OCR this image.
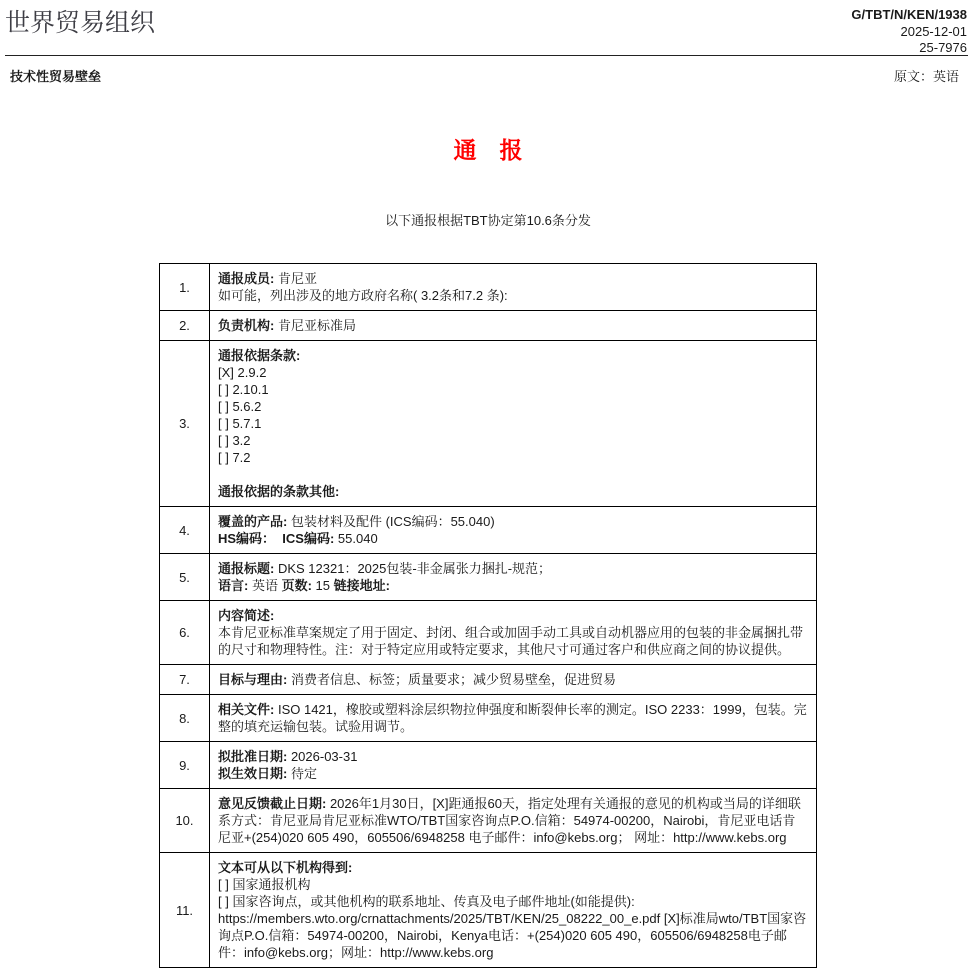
世界贸易组织	G/TBT/N/KEN/1938
2025-12-01
25-7976
技术性贸易壁垒	原文：英语
通　报
以下通报根据TBT协定第10.6条分发
1.	通报成员: 肯尼亚
如可能，列出涉及的地方政府名称( 3.2条和7.2 条):

2.	负责机构: 肯尼亚标准局

3.	
通报依据条款:
[X] 2.9.2
[ ] 2.10.1
[ ] 5.6.2
[ ] 5.7.1
[ ] 3.2
[ ] 7.2

通报依据的条款其他:

4.	覆盖的产品: 包装材料及配件 (ICS编码：55.040)
HS编码： ICS编码: 55.040

5.	通报标题: DKS 12321：2025包装-非金属张力捆扎-规范；
语言: 英语 页数: 15 链接地址:

6.	内容简述:
本肯尼亚标准草案规定了用于固定、封闭、组合或加固手动工具或自动机器应用的包装的非金属捆扎带的尺寸和物理特性。注：对于特定应用或特定要求，其他尺寸可通过客户和供应商之间的协议提供。

7.	目标与理由: 消费者信息、标签；质量要求；减少贸易壁垒，促进贸易

8.	相关文件: ISO 1421，橡胶或塑料涂层织物拉伸强度和断裂伸长率的测定。ISO 2233：1999，包装。完整的填充运输包装。试验用调节。

9.	拟批准日期: 2026-03-31
拟生效日期: 待定

10.	意见反馈截止日期: 2026年1月30日，[X]距通报60天，指定处理有关通报的意见的机构或当局的详细联系方式：肯尼亚局肯尼亚标准WTO/TBT国家咨询点P.O.信箱：54974-00200，Nairobi，肯尼亚电话肯尼亚+(254)020 605 490，605506/6948258 电子邮件：info@kebs.org； 网址：http://www.kebs.org

11.	文本可从以下机构得到:
[ ] 国家通报机构
[ ] 国家咨询点，或其他机构的联系地址、传真及电子邮件地址(如能提供):
https://members.wto.org/crnattachments/2025/TBT/KEN/25_08222_00_e.pdf [X]标准局wto/TBT国家咨询点P.O.信箱：54974-00200，Nairobi，Kenya电话：+(254)020 605 490，605506/6948258电子邮件：info@kebs.org；网址：http://www.kebs.org
